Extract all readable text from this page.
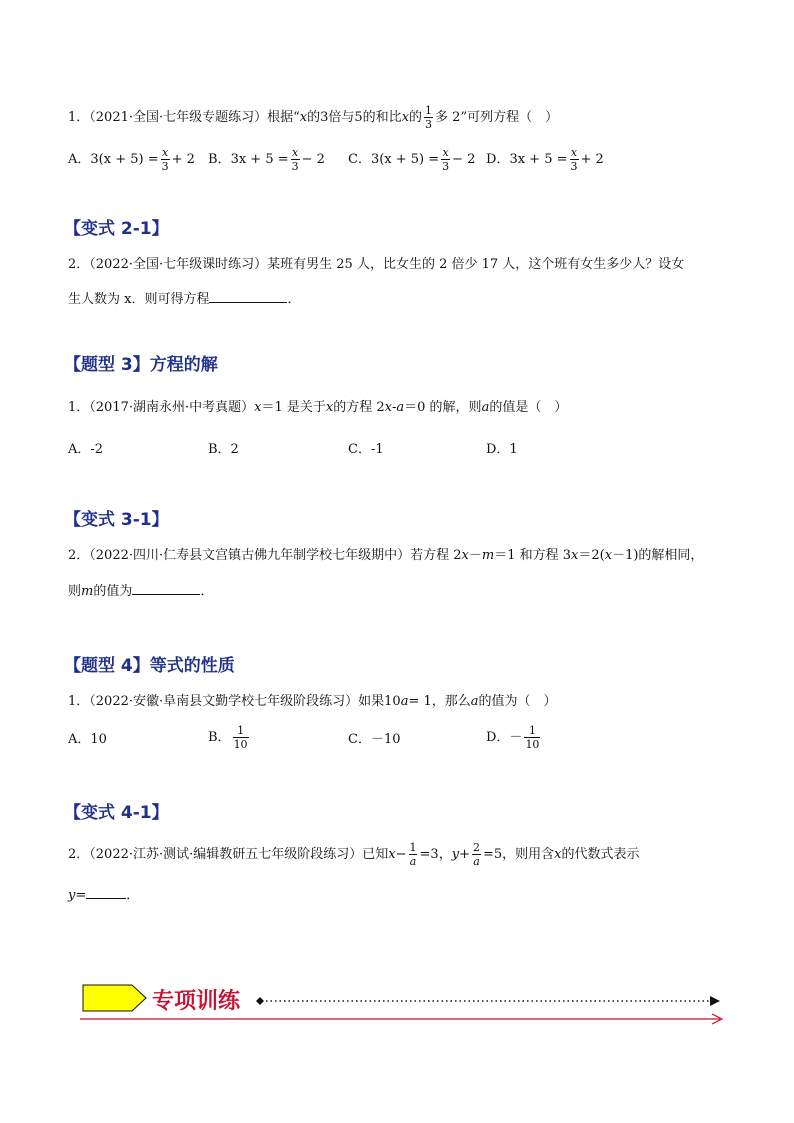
1．（2021·全国·七年级专题练习）根据“x的3倍与5的和比x的 $\frac{1}{3}$ 多 2”可列方程（　）
A．$3(x + 5) = \frac{x}{3} + 2$ B．$3x + 5 = \frac{x}{3} - 2$ C．$3(x + 5) = \frac{x}{3} - 2$ D．$3x + 5 = \frac{x}{3} + 2$
【变式 2-1】
2．（2022·全国·七年级课时练习）某班有男生 25 人，比女生的 2 倍少 17 人，这个班有女生多少人？设女
生人数为 x．则可得方程	．
【题型 3】方程的解
1．（2017·湖南永州·中考真题）x＝1 是关于x的方程 2x-a＝0 的解，则a的值是（　）
A．-2	B．2	C．-1	D．1
【变式 3-1】
2．（2022·四川·仁寿县文宫镇古佛九年制学校七年级期中）若方程 2x－m＝1 和方程 3x＝2(x－1)的解相同，
则m的值为	．
【题型 4】等式的性质
1．（2022·安徽·阜南县文勤学校七年级阶段练习）如果10a= 1，那么a的值为（　）
A．10	B． $\frac{1}{10}$	C．－10	D．－ $\frac{1}{10}$
【变式 4-1】
2．（2022·江苏·测试·编辑教研五七年级阶段练习）已知$x- \frac{1}{a} =3$，$y+ \frac{2}{a} =5$，则用含x的代数式表示
y=	．
专项训练
